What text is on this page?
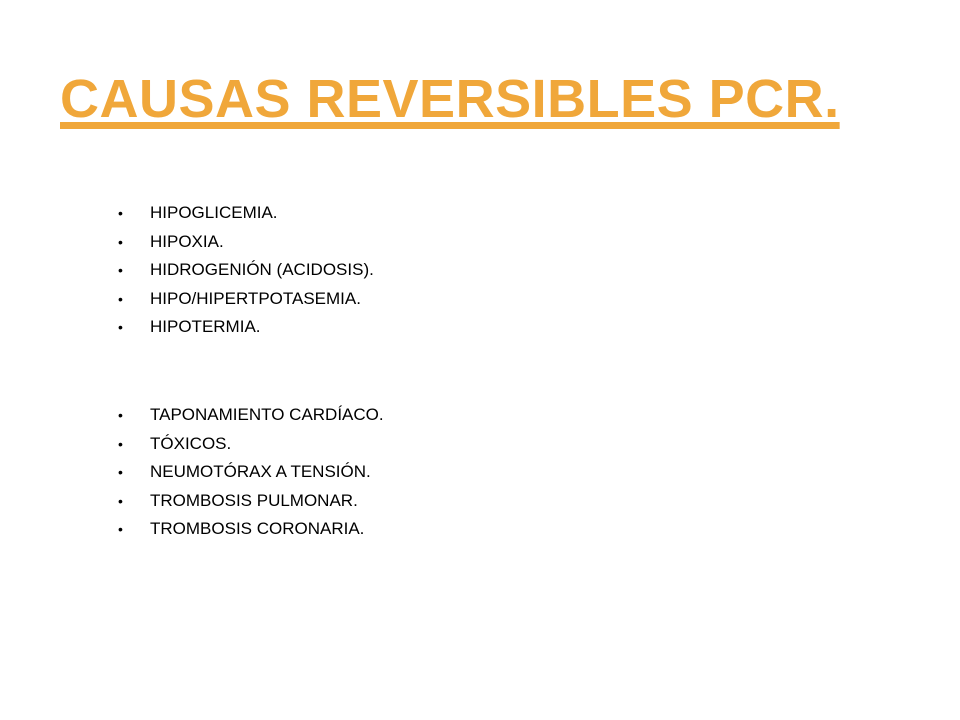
CAUSAS REVERSIBLES PCR.
• HIPOGLICEMIA.
• HIPOXIA.
• HIDROGENIÓN (ACIDOSIS).
• HIPO/HIPERTPOTASEMIA.
• HIPOTERMIA.
• TAPONAMIENTO CARDÍACO.
• TÓXICOS.
• NEUMOTÓRAX A TENSIÓN.
• TROMBOSIS PULMONAR.
• TROMBOSIS CORONARIA.
